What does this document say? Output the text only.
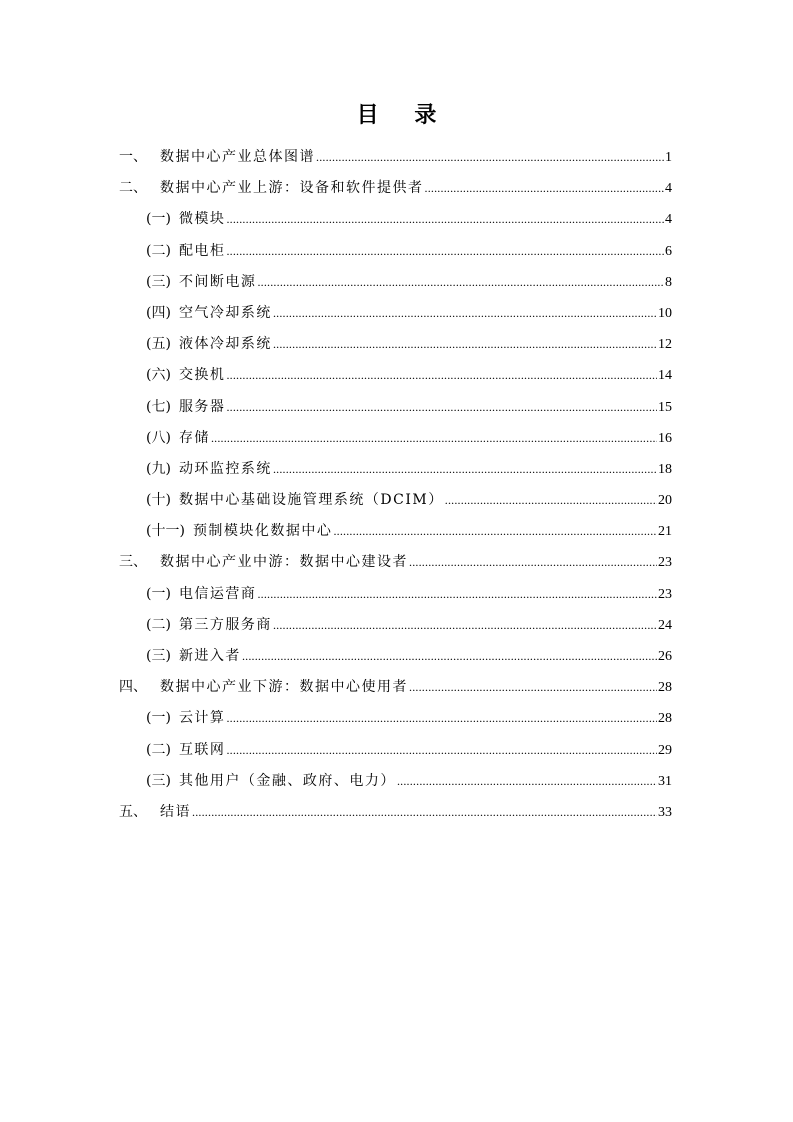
目 录
一、 数据中心产业总体图谱 .....	1
二、 数据中心产业上游：设备和软件提供者 .....	4
(一) 微模块 .....	4
(二) 配电柜 .....	6
(三) 不间断电源 .....	8
(四) 空气冷却系统 .....	10
(五) 液体冷却系统 .....	12
(六) 交换机 .....	14
(七) 服务器 .....	15
(八) 存储 .....	16
(九) 动环监控系统 .....	18
(十) 数据中心基础设施管理系统（DCIM） .....	20
(十一) 预制模块化数据中心 .....	21
三、 数据中心产业中游：数据中心建设者 .....	23
(一) 电信运营商 .....	23
(二) 第三方服务商 .....	24
(三) 新进入者 .....	26
四、 数据中心产业下游：数据中心使用者 .....	28
(一) 云计算 .....	28
(二) 互联网 .....	29
(三) 其他用户（金融、政府、电力） .....	31
五、 结语 .....	33
